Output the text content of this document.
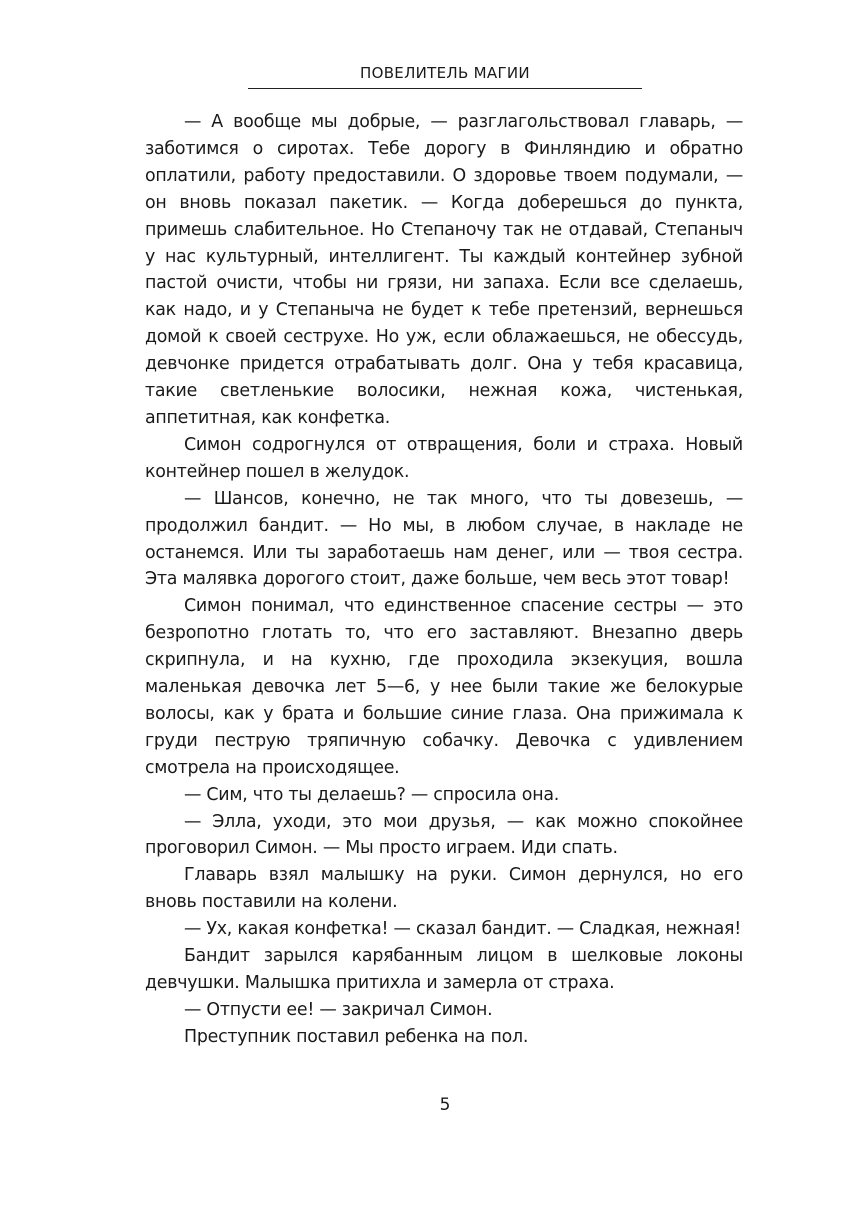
ПОВЕЛИТЕЛЬ МАГИИ

— А вообще мы добрые, — разглагольствовал главарь, — заботимся о сиротах. Тебе дорогу в Финляндию и обратно оплатили, работу предоставили. О здоровье твоем подумали, — он вновь показал пакетик. — Когда доберешься до пункта, примешь слабительное. Но Степаночу так не отдавай, Степаныч у нас культурный, интеллигент. Ты каждый контейнер зубной пастой очисти, чтобы ни грязи, ни запаха. Если все сделаешь, как надо, и у Степаныча не будет к тебе претензий, вернешься домой к своей сеструхе. Но уж, если облажаешься, не обессудь, девчонке придется отрабатывать долг. Она у тебя красавица, такие светленькие волосики, нежная кожа, чистенькая, аппетитная, как конфетка.

Симон содрогнулся от отвращения, боли и страха. Новый контейнер пошел в желудок.

— Шансов, конечно, не так много, что ты довезешь, — продолжил бандит. — Но мы, в любом случае, в накладе не останемся. Или ты заработаешь нам денег, или — твоя сестра. Эта малявка дорогого стоит, даже больше, чем весь этот товар!

Симон понимал, что единственное спасение сестры — это безропотно глотать то, что его заставляют. Внезапно дверь скрипнула, и на кухню, где проходила экзекуция, вошла маленькая девочка лет 5—6, у нее были такие же белокурые волосы, как у брата и большие синие глаза. Она прижимала к груди пеструю тряпичную собачку. Девочка с удивлением смотрела на происходящее.

— Сим, что ты делаешь? — спросила она.

— Элла, уходи, это мои друзья, — как можно спокойнее проговорил Симон. — Мы просто играем. Иди спать.

Главарь взял малышку на руки. Симон дернулся, но его вновь поставили на колени.

— Ух, какая конфетка! — сказал бандит. — Сладкая, нежная!

Бандит зарылся карябанным лицом в шелковые локоны девчушки. Малышка притихла и замерла от страха.

— Отпусти ее! — закричал Симон.

Преступник поставил ребенка на пол.

5
